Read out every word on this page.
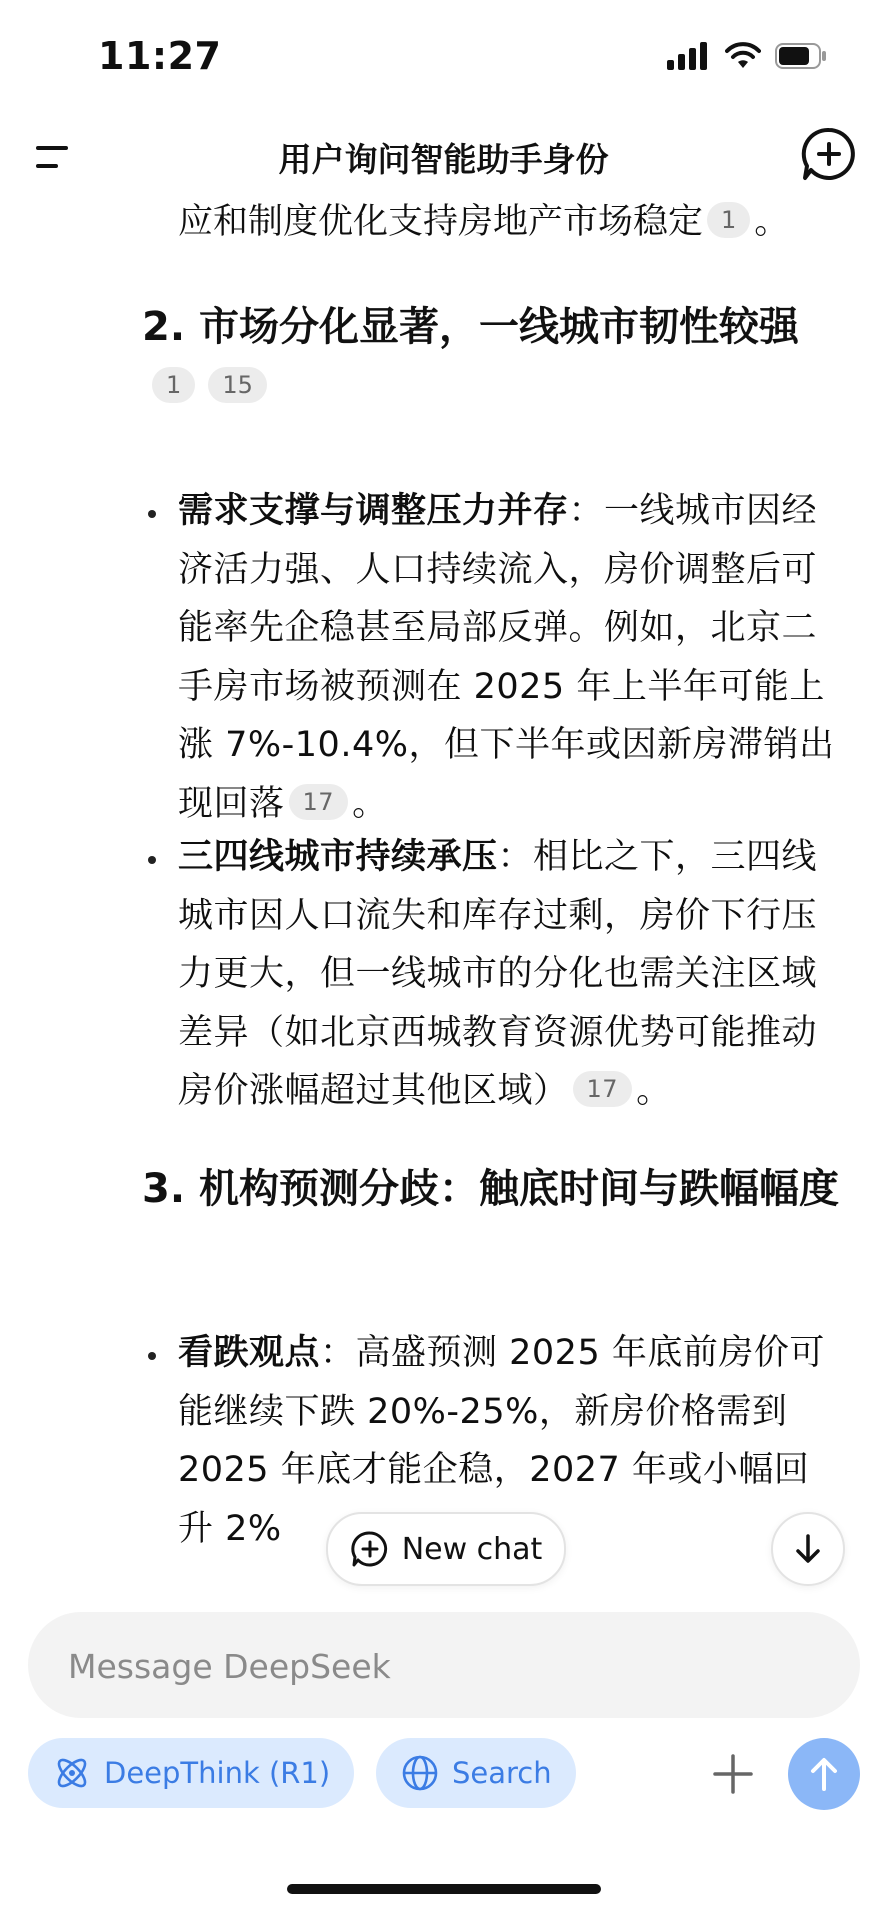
11:27
用户询问智能助手身份
应和制度优化支持房地产市场稳定 1 。
2. 市场分化显著，一线城市韧性较强
1 15
需求支撑与调整压力并存：一线城市因经济活力强、人口持续流入，房价调整后可能率先企稳甚至局部反弹。例如，北京二手房市场被预测在 2025 年上半年可能上涨 7%-10.4%，但下半年或因新房滞销出现回落 17 。
三四线城市持续承压：相比之下，三四线城市因人口流失和库存过剩，房价下行压力更大，但一线城市的分化也需关注区域差异（如北京西城教育资源优势可能推动房价涨幅超过其他区域） 17 。
3. 机构预测分歧：触底时间与跌幅幅度
看跌观点：高盛预测 2025 年底前房价可能继续下跌 20%-25%，新房价格需到 2025 年底才能企稳，2027 年或小幅回升 2%
New chat
Message DeepSeek
DeepThink (R1)	Search
